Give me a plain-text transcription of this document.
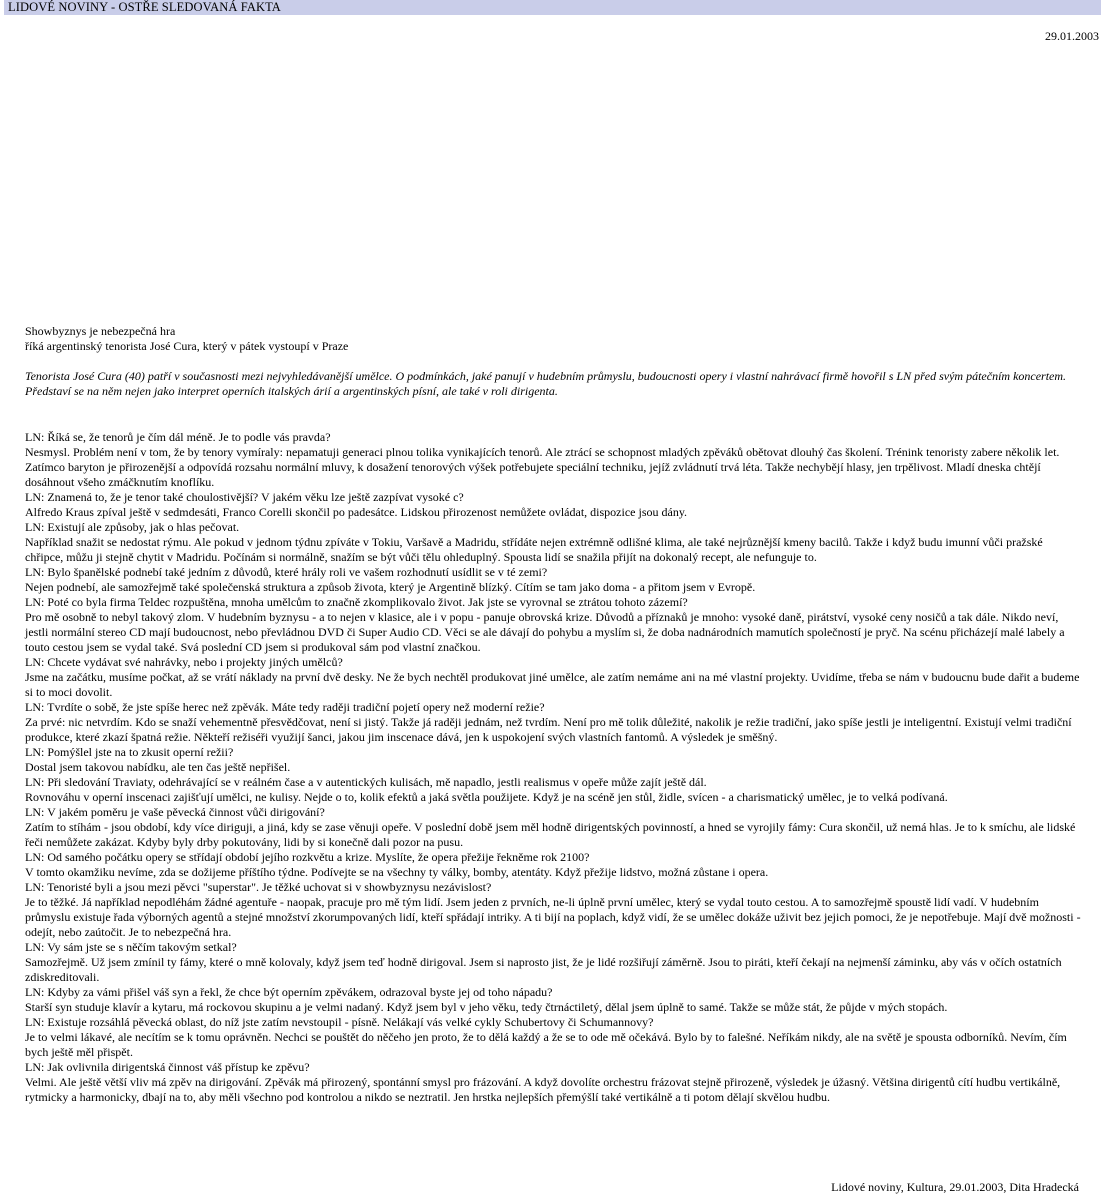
LIDOVÉ NOVINY - OSTŘE SLEDOVANÁ FAKTA
29.01.2003

Showbyznys je nebezpečná hra

říká argentinský tenorista José Cura, který v pátek vystoupí v Praze

Tenorista José Cura (40) patří v současnosti mezi nejvyhledávanější umělce. O podmínkách, jaké panují v hudebním průmyslu, budoucnosti opery i vlastní nahrávací firmě hovořil s LN před svým pátečním koncertem. Představí se na něm nejen jako interpret operních italských árií a argentinských písní, ale také v roli dirigenta.

LN: Říká se, že tenorů je čím dál méně. Je to podle vás pravda?

Nesmysl. Problém není v tom, že by tenory vymíraly: nepamatuji generaci plnou tolika vynikajících tenorů. Ale ztrácí se schopnost mladých zpěváků obětovat dlouhý čas školení. Trénink tenoristy zabere několik let. Zatímco baryton je přirozenější a odpovídá rozsahu normální mluvy, k dosažení tenorových výšek potřebujete speciální techniku, jejíž zvládnutí trvá léta. Takže nechybějí hlasy, jen trpělivost. Mladí dneska chtějí dosáhnout všeho zmáčknutím knoflíku.

LN: Znamená to, že je tenor také choulostivější? V jakém věku lze ještě zazpívat vysoké c?

Alfredo Kraus zpíval ještě v sedmdesáti, Franco Corelli skončil po padesátce. Lidskou přirozenost nemůžete ovládat, dispozice jsou dány.

LN: Existují ale způsoby, jak o hlas pečovat.

Například snažit se nedostat rýmu. Ale pokud v jednom týdnu zpíváte v Tokiu, Varšavě a Madridu, střídáte nejen extrémně odlišné klima, ale také nejrůznější kmeny bacilů. Takže i když budu imunní vůči pražské chřipce, můžu ji stejně chytit v Madridu. Počínám si normálně, snažím se být vůči tělu ohleduplný. Spousta lidí se snažila přijít na dokonalý recept, ale nefunguje to.

LN: Bylo španělské podnebí také jedním z důvodů, které hrály roli ve vašem rozhodnutí usídlit se v té zemi?

Nejen podnebí, ale samozřejmě také společenská struktura a způsob života, který je Argentině blízký. Cítím se tam jako doma - a přitom jsem v Evropě.

LN: Poté co byla firma Teldec rozpuštěna, mnoha umělcům to značně zkomplikovalo život. Jak jste se vyrovnal se ztrátou tohoto zázemí?

Pro mě osobně to nebyl takový zlom. V hudebním byznysu - a to nejen v klasice, ale i v popu - panuje obrovská krize. Důvodů a příznaků je mnoho: vysoké daně, pirátství, vysoké ceny nosičů a tak dále. Nikdo neví, jestli normální stereo CD mají budoucnost, nebo převládnou DVD či Super Audio CD. Věci se ale dávají do pohybu a myslím si, že doba nadnárodních mamutích společností je pryč. Na scénu přicházejí malé labely a touto cestou jsem se vydal také. Svá poslední CD jsem si produkoval sám pod vlastní značkou.

LN: Chcete vydávat své nahrávky, nebo i projekty jiných umělců?

Jsme na začátku, musíme počkat, až se vrátí náklady na první dvě desky. Ne že bych nechtěl produkovat jiné umělce, ale zatím nemáme ani na mé vlastní projekty. Uvidíme, třeba se nám v budoucnu bude dařit a budeme si to moci dovolit.

LN: Tvrdíte o sobě, že jste spíše herec než zpěvák. Máte tedy raději tradiční pojetí opery než moderní režie?

Za prvé: nic netvrdím. Kdo se snaží vehementně přesvědčovat, není si jistý. Takže já raději jednám, než tvrdím. Není pro mě tolik důležité, nakolik je režie tradiční, jako spíše jestli je inteligentní. Existují velmi tradiční produkce, které zkazí špatná režie. Někteří režiséři využijí šanci, jakou jim inscenace dává, jen k uspokojení svých vlastních fantomů. A výsledek je směšný.

LN: Pomýšlel jste na to zkusit operní režii?

Dostal jsem takovou nabídku, ale ten čas ještě nepřišel.

LN: Při sledování Traviaty, odehrávající se v reálném čase a v autentických kulisách, mě napadlo, jestli realismus v opeře může zajít ještě dál.

Rovnováhu v operní inscenaci zajišťují umělci, ne kulisy. Nejde o to, kolik efektů a jaká světla použijete. Když je na scéně jen stůl, židle, svícen - a charismatický umělec, je to velká podívaná.

LN: V jakém poměru je vaše pěvecká činnost vůči dirigování?

Zatím to stíhám - jsou období, kdy více diriguji, a jiná, kdy se zase věnuji opeře. V poslední době jsem měl hodně dirigentských povinností, a hned se vyrojily fámy: Cura skončil, už nemá hlas. Je to k smíchu, ale lidské řeči nemůžete zakázat. Kdyby byly drby pokutovány, lidi by si konečně dali pozor na pusu.

LN: Od samého počátku opery se střídají období jejího rozkvětu a krize. Myslíte, že opera přežije řekněme rok 2100?

V tomto okamžiku nevíme, zda se dožijeme příštího týdne. Podívejte se na všechny ty války, bomby, atentáty. Když přežije lidstvo, možná zůstane i opera.

LN: Tenoristé byli a jsou mezi pěvci "superstar". Je těžké uchovat si v showbyznysu nezávislost?

Je to těžké. Já například nepodléhám žádné agentuře - naopak, pracuje pro mě tým lidí. Jsem jeden z prvních, ne-li úplně první umělec, který se vydal touto cestou. A to samozřejmě spoustě lidí vadí. V hudebním průmyslu existuje řada výborných agentů a stejné množství zkorumpovaných lidí, kteří spřádají intriky. A ti bijí na poplach, když vidí, že se umělec dokáže uživit bez jejich pomoci, že je nepotřebuje. Mají dvě možnosti - odejít, nebo zaútočit. Je to nebezpečná hra.

LN: Vy sám jste se s něčím takovým setkal?

Samozřejmě. Už jsem zmínil ty fámy, které o mně kolovaly, když jsem teď hodně dirigoval. Jsem si naprosto jist, že je lidé rozšiřují záměrně. Jsou to piráti, kteří čekají na nejmenší záminku, aby vás v očích ostatních zdiskreditovali.

LN: Kdyby za vámi přišel váš syn a řekl, že chce být operním zpěvákem, odrazoval byste jej od toho nápadu?

Starší syn studuje klavír a kytaru, má rockovou skupinu a je velmi nadaný. Když jsem byl v jeho věku, tedy čtrnáctiletý, dělal jsem úplně to samé. Takže se může stát, že půjde v mých stopách.

LN: Existuje rozsáhlá pěvecká oblast, do níž jste zatím nevstoupil - písně. Nelákají vás velké cykly Schubertovy či Schumannovy?

Je to velmi lákavé, ale necítím se k tomu oprávněn. Nechci se pouštět do něčeho jen proto, že to dělá každý a že se to ode mě očekává. Bylo by to falešné. Neříkám nikdy, ale na světě je spousta odborníků. Nevím, čím bych ještě měl přispět.

LN: Jak ovlivnila dirigentská činnost váš přístup ke zpěvu?

Velmi. Ale ještě větší vliv má zpěv na dirigování. Zpěvák má přirozený, spontánní smysl pro frázování. A když dovolíte orchestru frázovat stejně přirozeně, výsledek je úžasný. Většina dirigentů cítí hudbu vertikálně, rytmicky a harmonicky, dbají na to, aby měli všechno pod kontrolou a nikdo se neztratil. Jen hrstka nejlepších přemýšlí také vertikálně a ti potom dělají skvělou hudbu.

Lidové noviny, Kultura, 29.01.2003, Dita Hradecká
